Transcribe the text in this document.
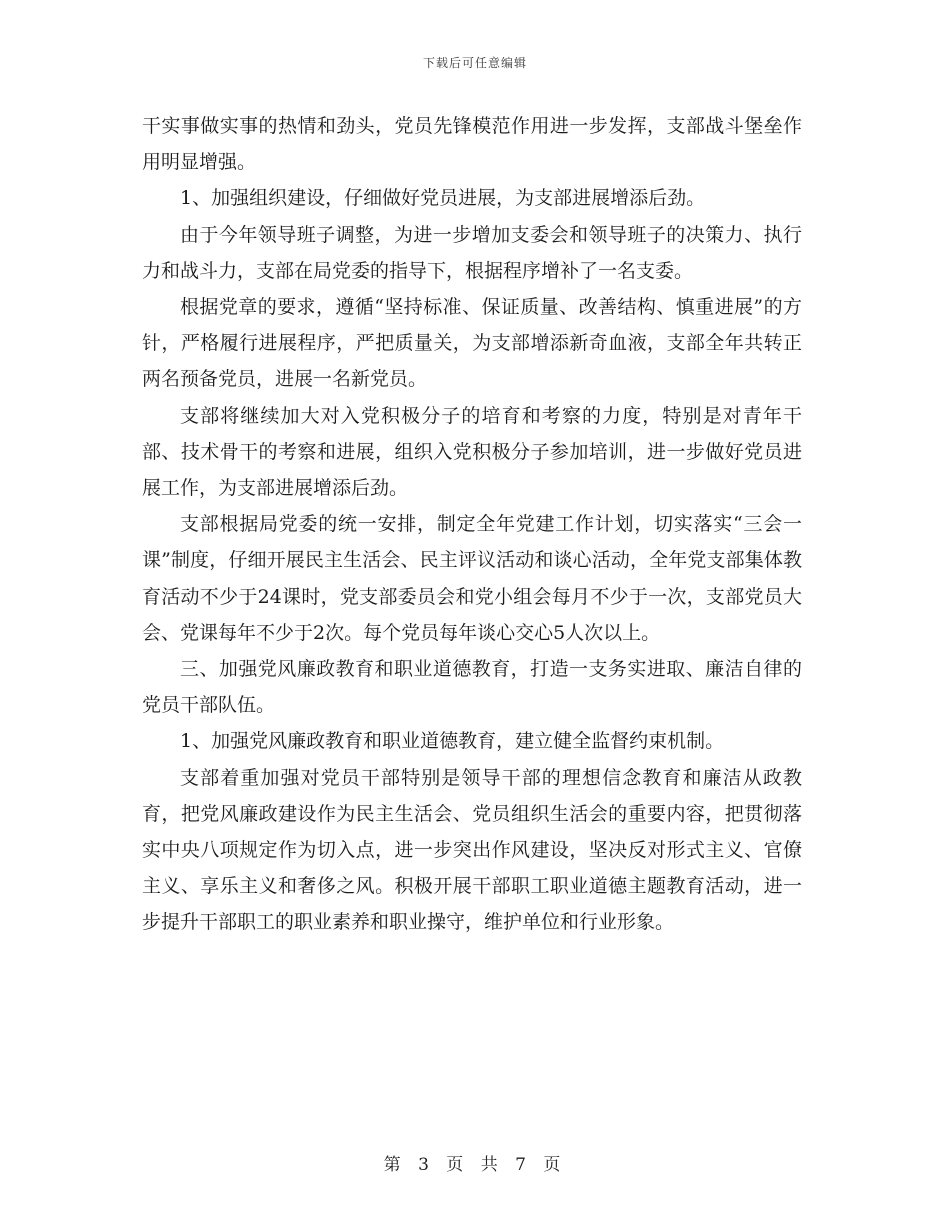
下载后可任意编辑

干实事做实事的热情和劲头，党员先锋模范作用进一步发挥，支部战斗堡垒作用明显增强。

1、加强组织建设，仔细做好党员进展，为支部进展增添后劲。

由于今年领导班子调整，为进一步增加支委会和领导班子的决策力、执行力和战斗力，支部在局党委的指导下，根据程序增补了一名支委。

根据党章的要求，遵循“坚持标准、保证质量、改善结构、慎重进展”的方针，严格履行进展程序，严把质量关，为支部增添新奇血液，支部全年共转正两名预备党员，进展一名新党员。

支部将继续加大对入党积极分子的培育和考察的力度，特别是对青年干部、技术骨干的考察和进展，组织入党积极分子参加培训，进一步做好党员进展工作，为支部进展增添后劲。

支部根据局党委的统一安排，制定全年党建工作计划，切实落实“三会一课”制度，仔细开展民主生活会、民主评议活动和谈心活动，全年党支部集体教育活动不少于24课时，党支部委员会和党小组会每月不少于一次，支部党员大会、党课每年不少于2次。每个党员每年谈心交心5人次以上。

三、加强党风廉政教育和职业道德教育，打造一支务实进取、廉洁自律的党员干部队伍。

1、加强党风廉政教育和职业道德教育，建立健全监督约束机制。

支部着重加强对党员干部特别是领导干部的理想信念教育和廉洁从政教育，把党风廉政建设作为民主生活会、党员组织生活会的重要内容，把贯彻落实中央八项规定作为切入点，进一步突出作风建设，坚决反对形式主义、官僚主义、享乐主义和奢侈之风。积极开展干部职工职业道德主题教育活动，进一步提升干部职工的职业素养和职业操守，维护单位和行业形象。

第 3 页 共 7 页
